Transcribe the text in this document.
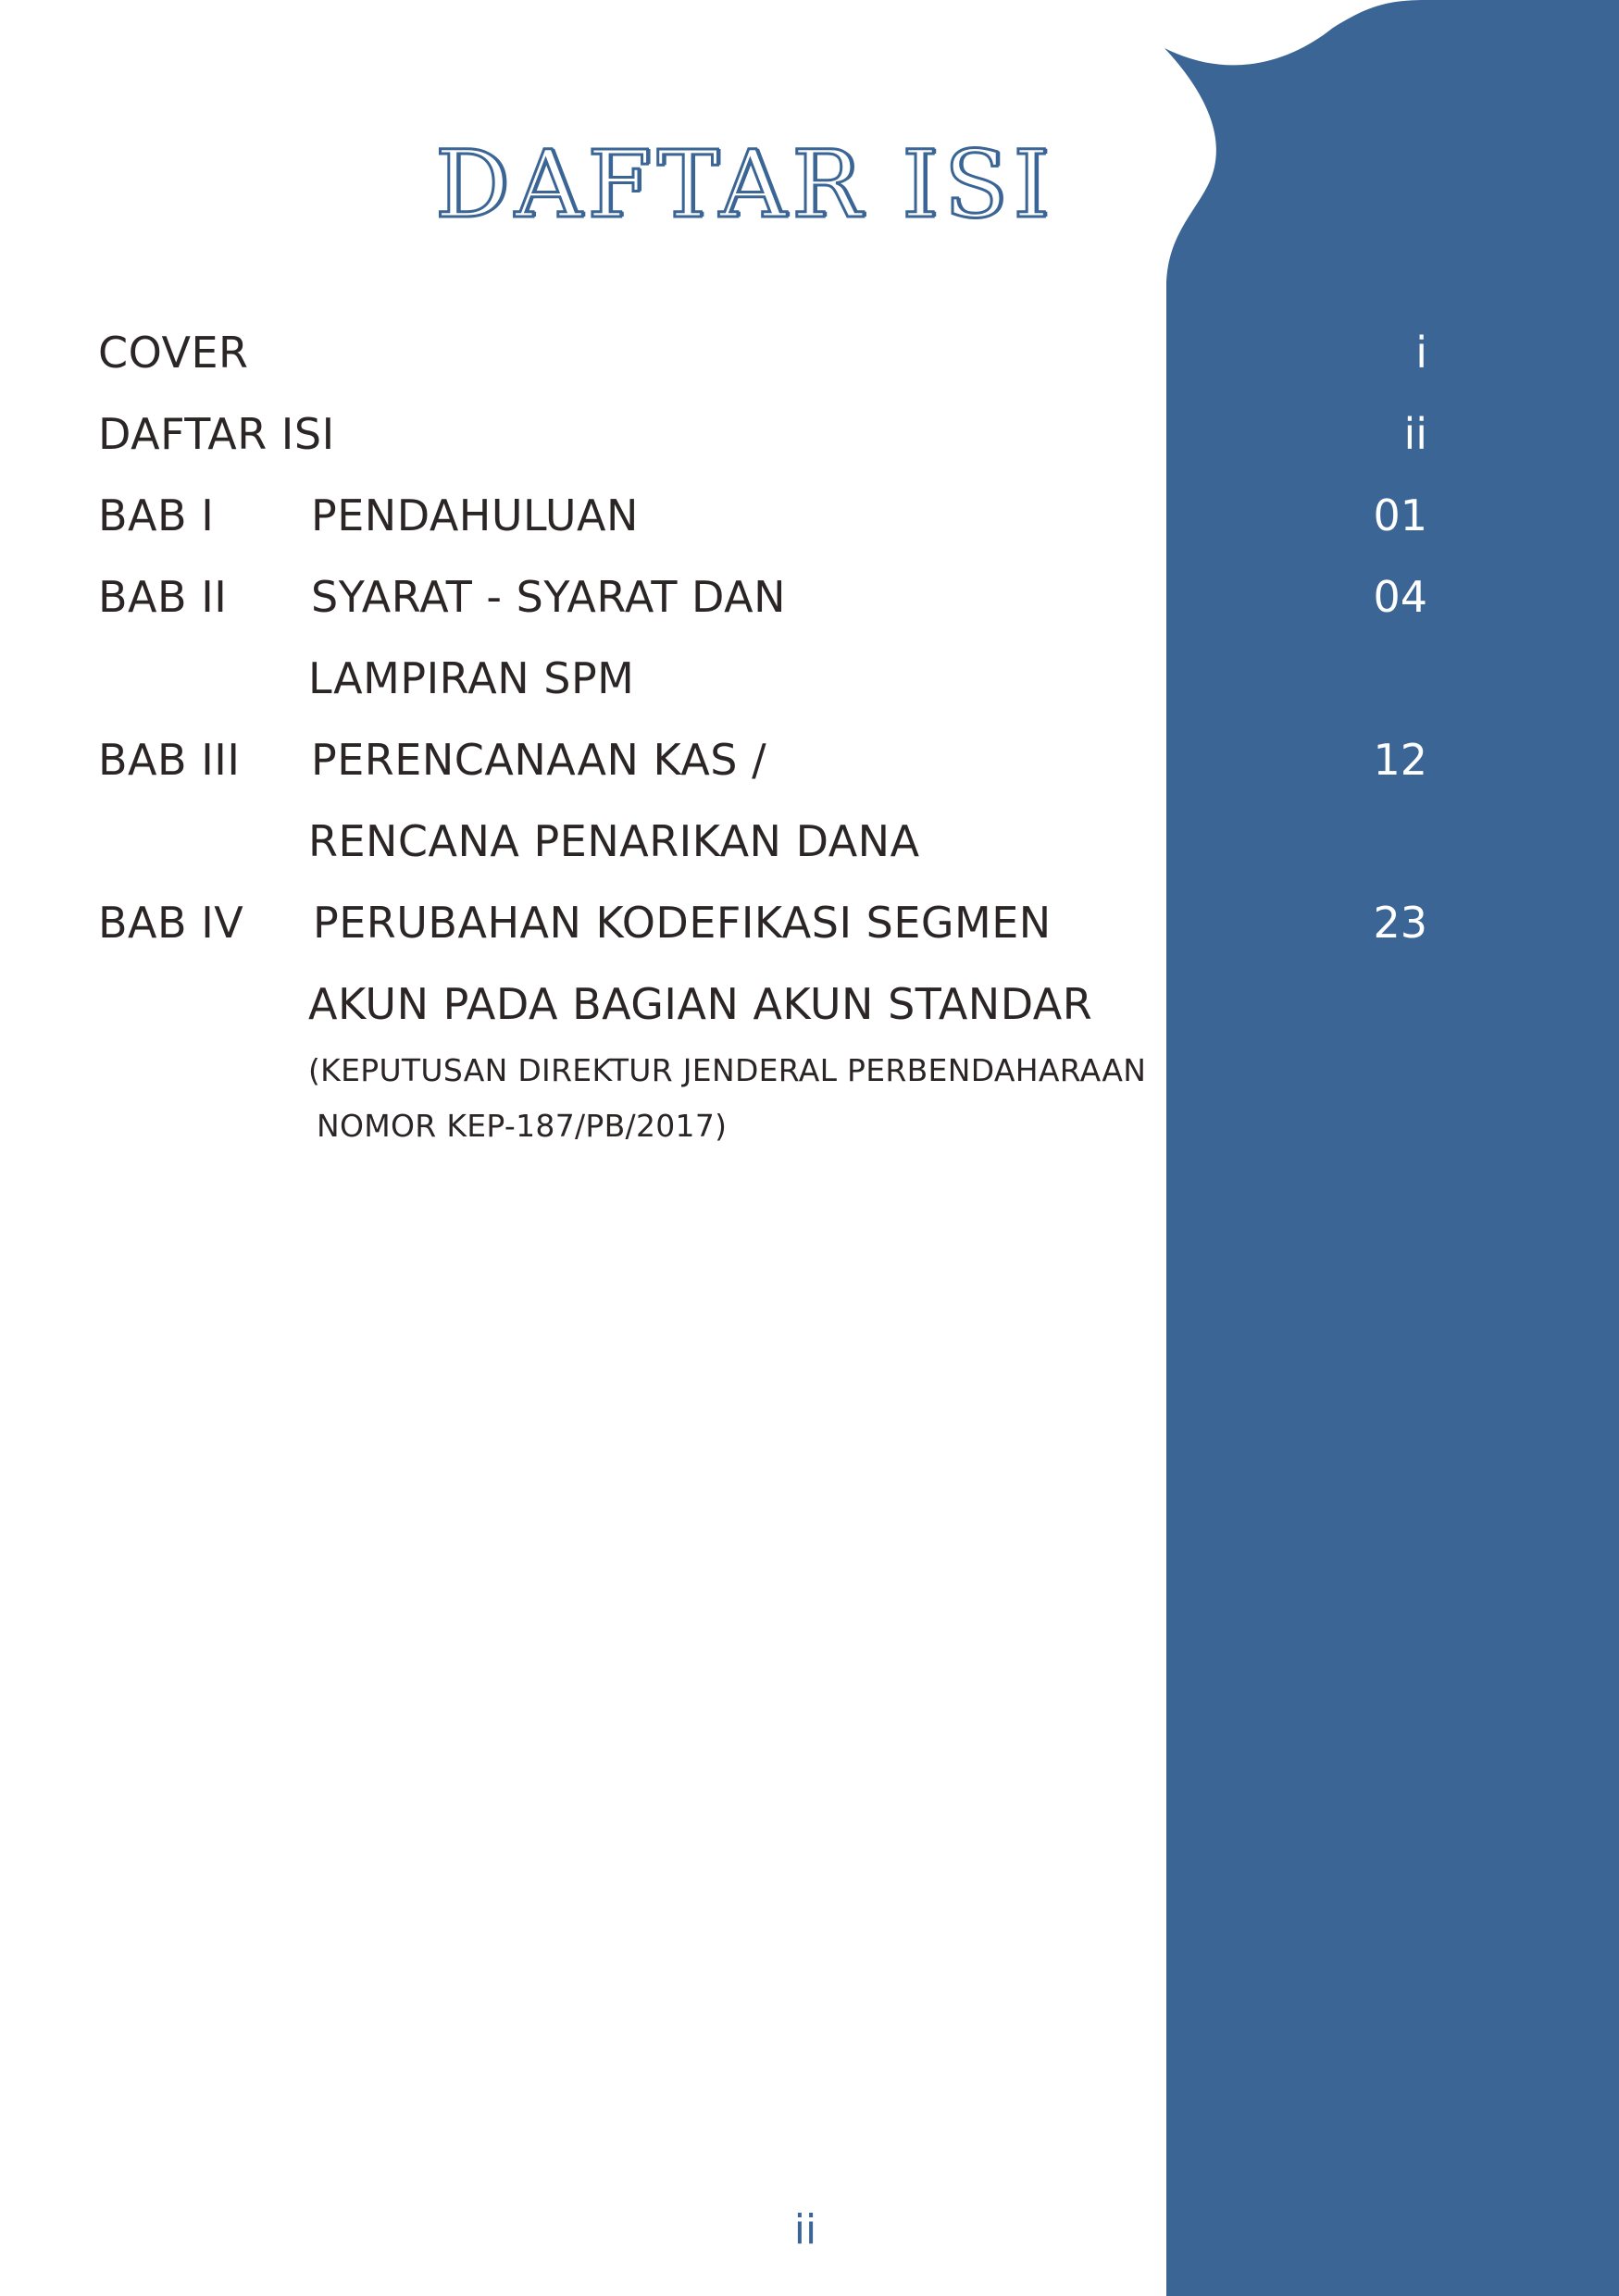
DAFTAR ISI
COVER	i
DAFTAR ISI	ii
BAB I PENDAHULUAN	01
BAB II SYARAT - SYARAT DAN	04
LAMPIRAN SPM
BAB III PERENCANAAN KAS /	12
RENCANA PENARIKAN DANA
BAB IV PERUBAHAN KODEFIKASI SEGMEN	23
AKUN PADA BAGIAN AKUN STANDAR
(KEPUTUSAN DIREKTUR JENDERAL PERBENDAHARAAN
NOMOR KEP-187/PB/2017)
ii
